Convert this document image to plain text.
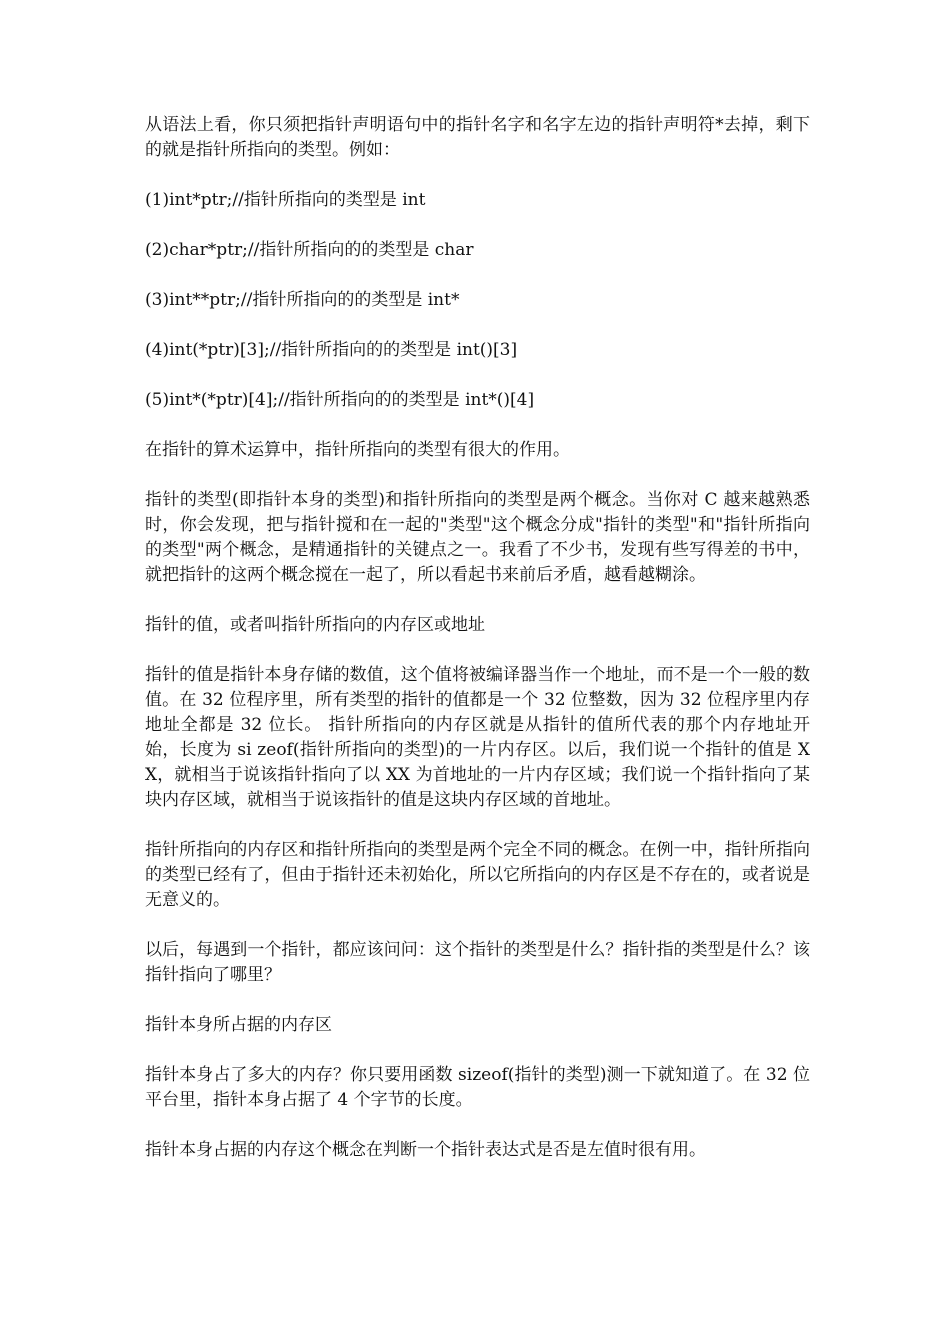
从语法上看，你只须把指针声明语句中的指针名字和名字左边的指针声明符*去掉，剩下的就是指针所指向的类型。例如：

(1)int*ptr;//指针所指向的类型是 int

(2)char*ptr;//指针所指向的的类型是 char

(3)int**ptr;//指针所指向的的类型是 int*

(4)int(*ptr)[3];//指针所指向的的类型是 int()[3]

(5)int*(*ptr)[4];//指针所指向的的类型是 int*()[4]

在指针的算术运算中，指针所指向的类型有很大的作用。

指针的类型(即指针本身的类型)和指针所指向的类型是两个概念。当你对 C 越来越熟悉时，你会发现，把与指针搅和在一起的"类型"这个概念分成"指针的类型"和"指针所指向的类型"两个概念，是精通指针的关键点之一。我看了不少书，发现有些写得差的书中，就把指针的这两个概念搅在一起了，所以看起书来前后矛盾，越看越糊涂。

指针的值，或者叫指针所指向的内存区或地址

指针的值是指针本身存储的数值，这个值将被编译器当作一个地址，而不是一个一般的数值。在 32 位程序里，所有类型的指针的值都是一个 32 位整数，因为 32 位程序里内存地址全都是 32 位长。 指针所指向的内存区就是从指针的值所代表的那个内存地址开始，长度为 si zeof(指针所指向的类型)的一片内存区。以后，我们说一个指针的值是 XX，就相当于说该指针指向了以 XX 为首地址的一片内存区域；我们说一个指针指向了某块内存区域，就相当于说该指针的值是这块内存区域的首地址。

指针所指向的内存区和指针所指向的类型是两个完全不同的概念。在例一中，指针所指向的类型已经有了，但由于指针还未初始化，所以它所指向的内存区是不存在的，或者说是无意义的。

以后，每遇到一个指针，都应该问问：这个指针的类型是什么？指针指的类型是什么？该指针指向了哪里？

指针本身所占据的内存区

指针本身占了多大的内存？你只要用函数 sizeof(指针的类型)测一下就知道了。在 32 位平台里，指针本身占据了 4 个字节的长度。

指针本身占据的内存这个概念在判断一个指针表达式是否是左值时很有用。
